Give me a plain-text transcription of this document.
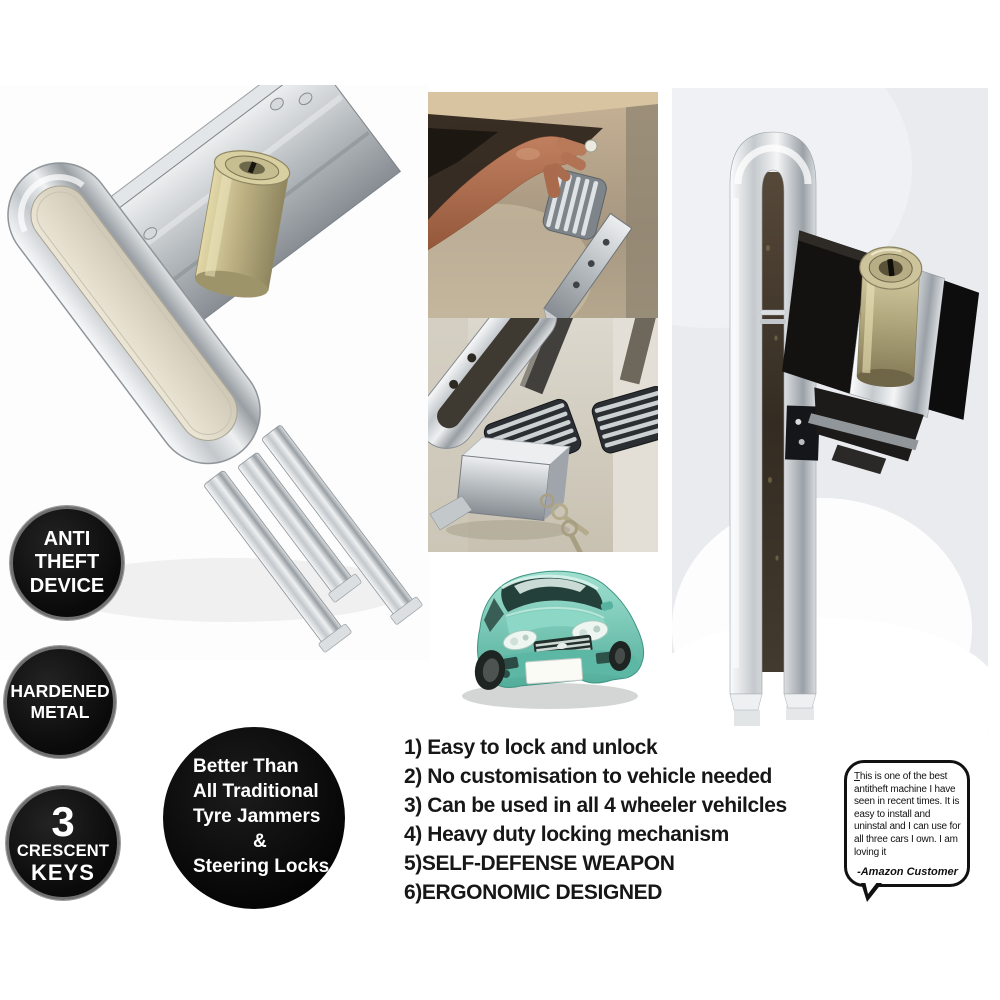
ANTI
THEFT
DEVICE
HARDENED
METAL
3
CRESCENT
KEYS
Better Than
All Traditional
Tyre Jammers
&
Steering Locks
1) Easy to lock and unlock
2) No customisation to vehicle needed
3) Can be used in all 4 wheeler vehilcles
4) Heavy duty locking mechanism
5)SELF-DEFENSE WEAPON
6)ERGONOMIC DESIGNED
This is one of the best antitheft machine I have seen in recent times. It is easy to install and uninstal and I can use for all three cars I own. I am loving it
-Amazon Customer
